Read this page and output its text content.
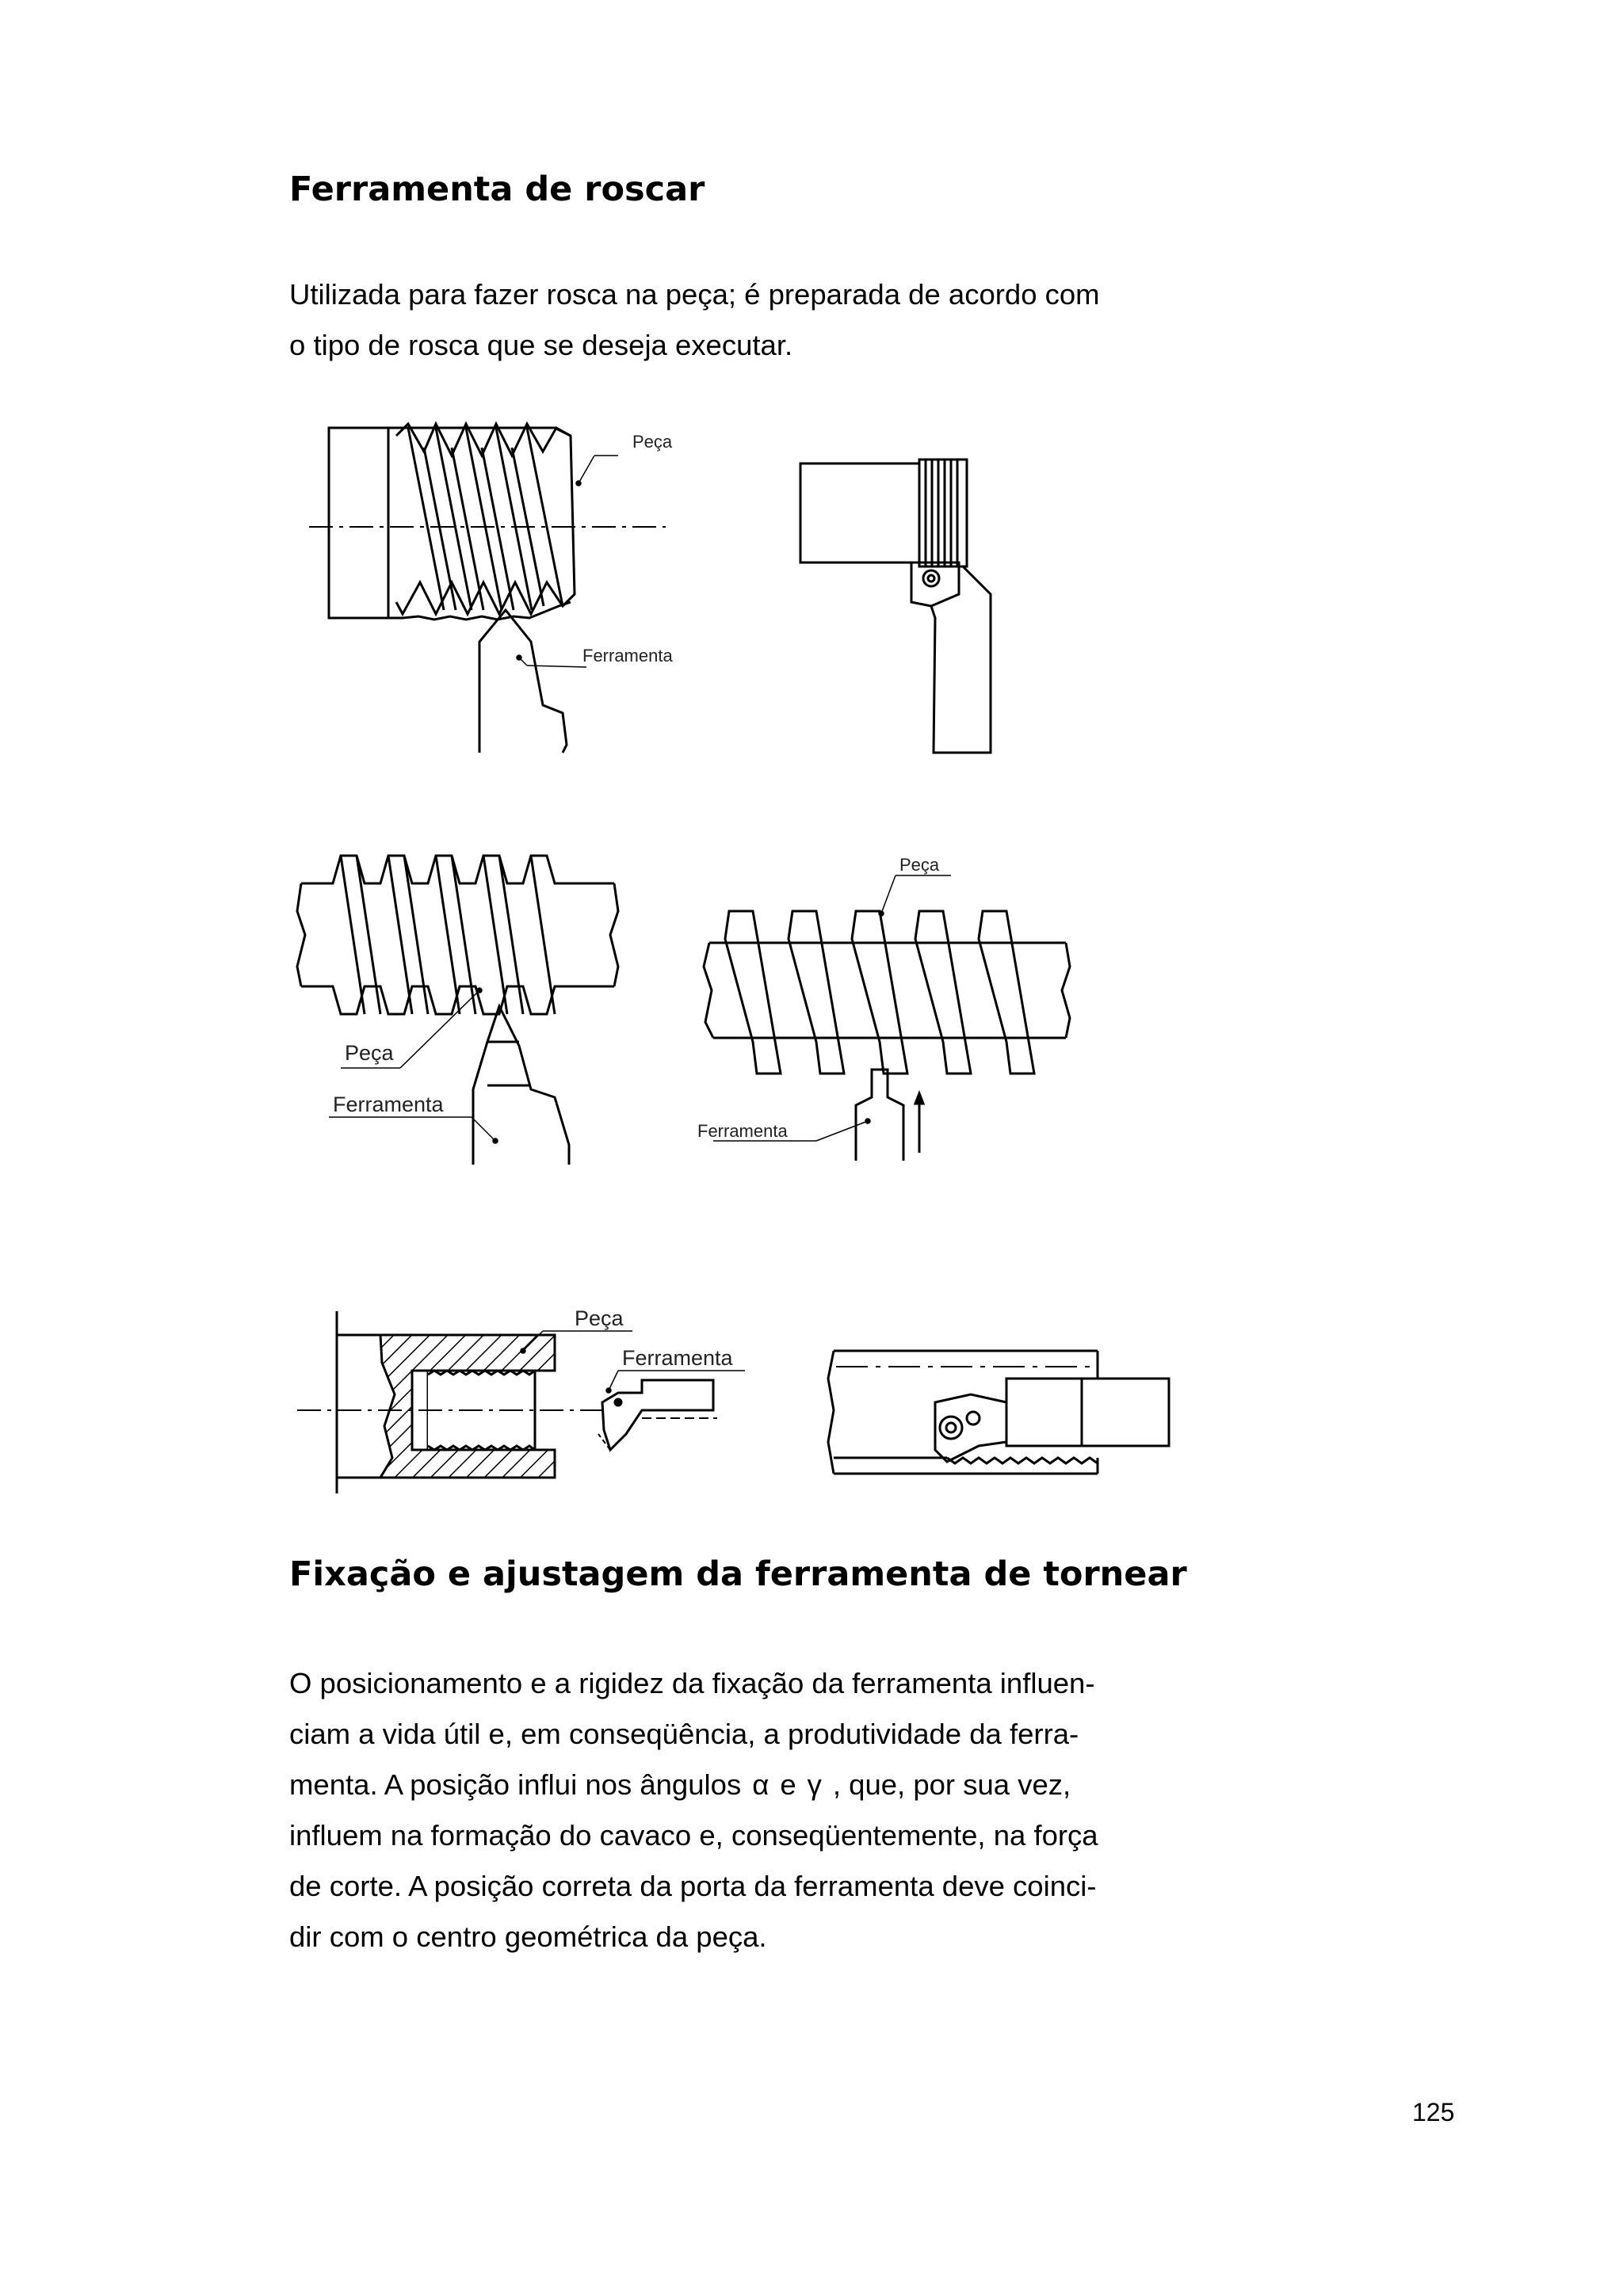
Ferramenta de roscar

Utilizada para fazer rosca na peça; é preparada de acordo com
o tipo de rosca que se deseja executar.

Peça
Ferramenta
Peça
Ferramenta
Peça
Ferramenta
Peça
Ferramenta
Fixação e ajustagem da ferramenta de tornear

O posicionamento e a rigidez da fixação da ferramenta influen-
ciam a vida útil e, em conseqüência, a produtividade da ferra-
menta. A posição influi nos ângulos α e γ , que, por sua vez,
influem na formação do cavaco e, conseqüentemente, na força
de corte. A posição correta da porta da ferramenta deve coinci-
dir com o centro geométrica da peça.

125
